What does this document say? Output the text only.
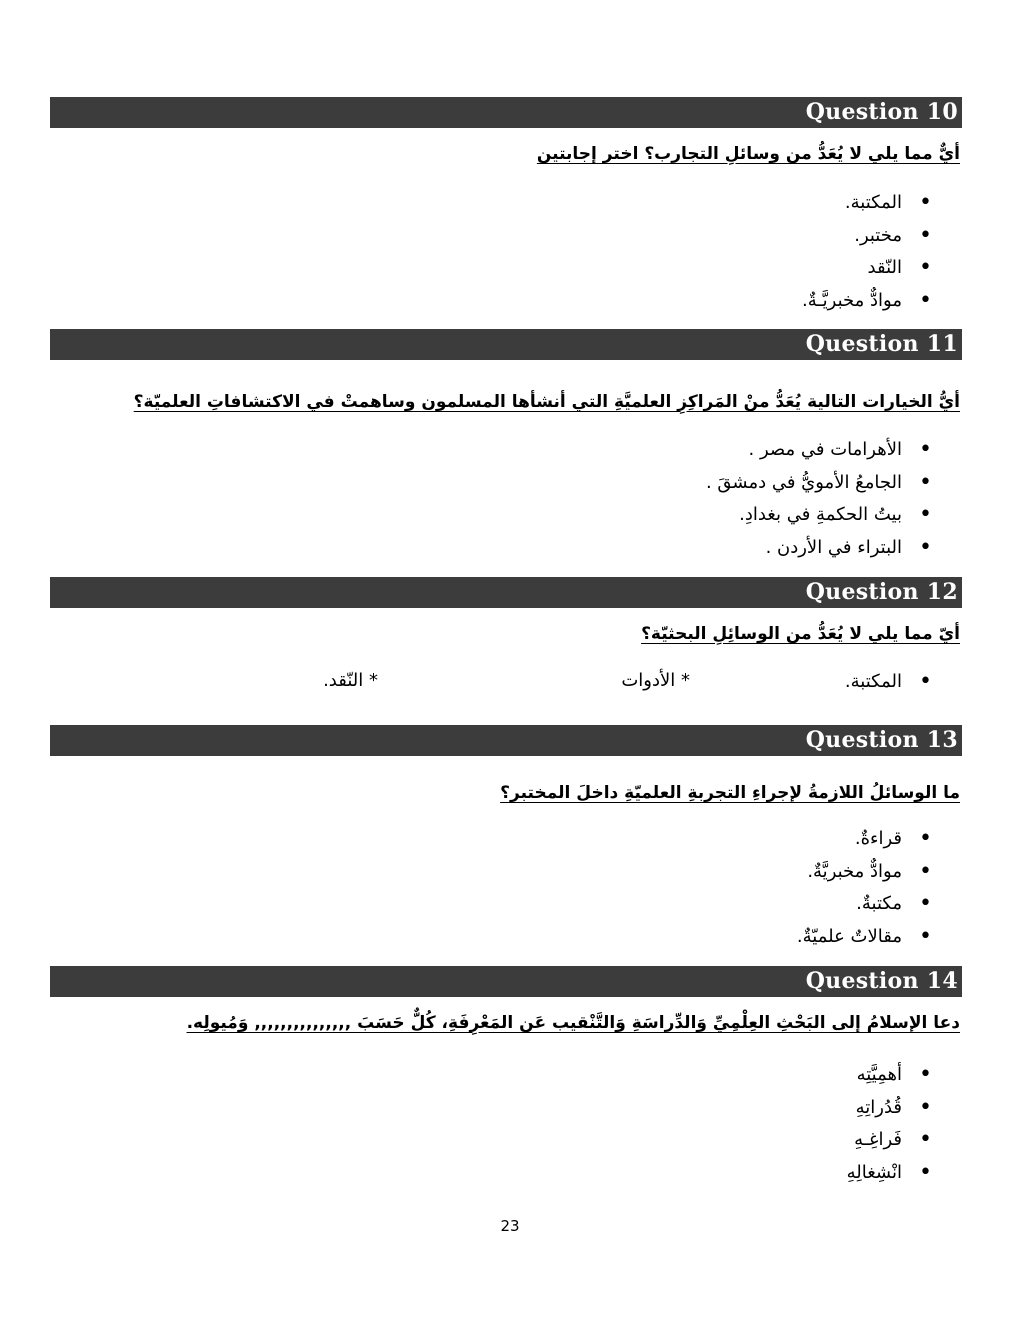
Question 10
أيٌّ مما يلي لا يُعَدُّ من وسائلِ التجارب؟ اختر إجابتين
• المكتبة.
• مختبر.
• النّقد
• موادٌّ مخبريَّـةٌ.
Question 11
أيُّ الخيارات التالية يُعَدُّ منْ المَراكِزِ العلميَّةِ التي أنشأها المسلمون وساهمتْ في الاكتشافاتِ العلميّة؟
• الأهرامات في مصر .
• الجامعُ الأمويُّ في دمشقَ .
• بيتُ الحكمةِ في بغدادِ.
• البتراء في الأردن .
Question 12
أيّ مما يلي لا يُعَدُّ من الوسائِلِ البحثيّة؟
• المكتبة.
* الأدوات
* النّقد.
Question 13
ما الوسائلُ اللازمةُ لإجراءِ التجربةِ العلميّةِ داخلَ المختبر؟
• قراءةٌ.
• موادٌّ مخبريَّةٌ.
• مكتبةٌ.
• مقالاتٌ علميّةٌ.
Question 14
دعا الإسلامُ إلى البَحْثِ العِلْمِيِّ وَالدِّراسَةِ وَالتَّنْقيب عَن المَعْرِفَةِ، كُلٌّ حَسَبَ ,,,,,,,,,,,,,,, وَمُيولِه.
• أهمِيَّتِه
• قُدُراتِهِ
• فَراغِـهِ
• انْشِغالِهِ
23
